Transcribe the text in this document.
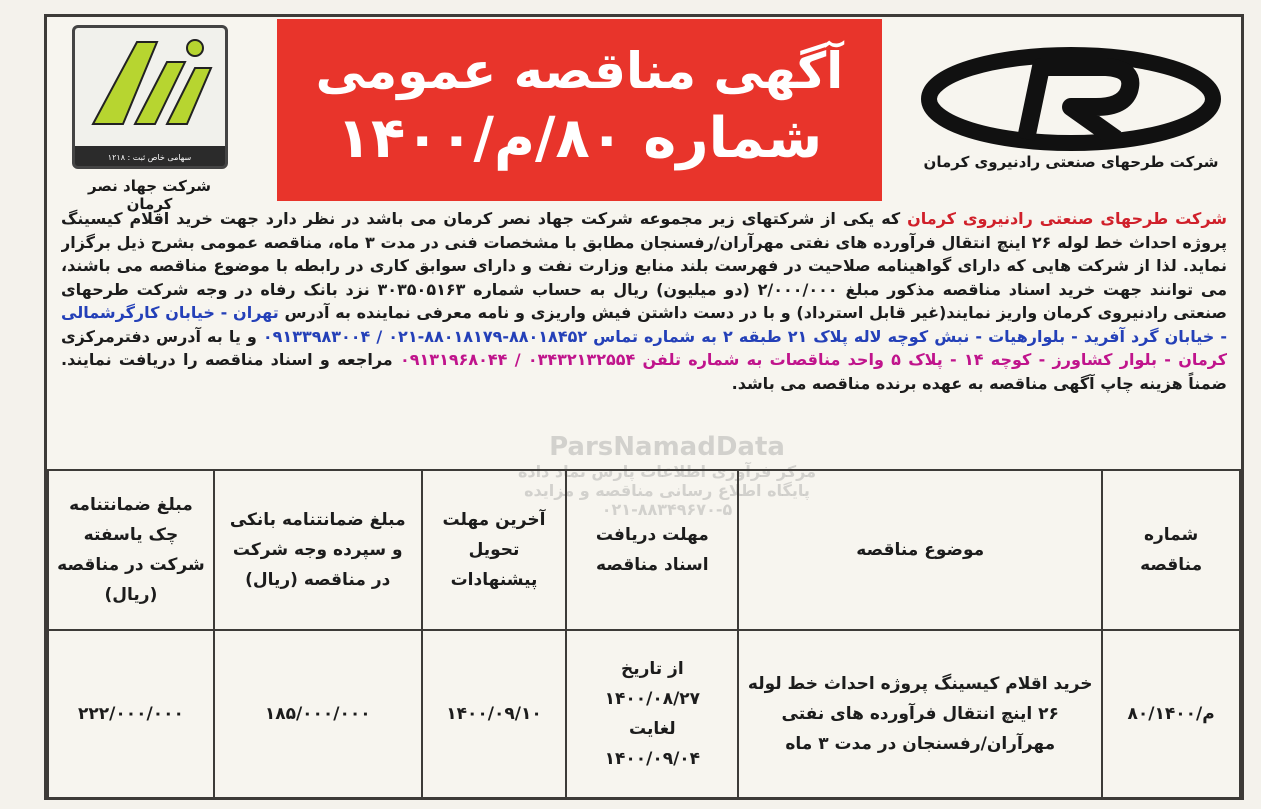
شرکت طرحهای صنعتی رادنیروی کرمان
آگهی مناقصه عمومی
شماره ۸۰/م/۱۴۰۰
سهامی خاص ثبت : ۱۲۱۸
شرکت جهاد نصر کرمان
شرکت طرحهای صنعتی رادنیروی کرمان که یکی از شرکتهای زیر مجموعه شرکت جهاد نصر کرمان می باشد در نظر دارد جهت خرید اقلام کیسینگ پروژه احداث خط لوله ۲۶ اینچ انتقال فرآورده های نفتی مهرآران/رفسنجان مطابق با مشخصات فنی در مدت ۳ ماه، مناقصه عمومی بشرح ذیل برگزار نماید. لذا از شرکت هایی که دارای گواهینامه صلاحیت در فهرست بلند منابع وزارت نفت و دارای سوابق کاری در رابطه با موضوع مناقصه می باشند، می توانند جهت خرید اسناد مناقصه مذکور مبلغ ۲/۰۰۰/۰۰۰ (دو میلیون) ریال به حساب شماره ۳۰۳۵۰۵۱۶۳ نزد بانک رفاه در وجه شرکت طرحهای صنعتی رادنیروی کرمان واریز نمایند(غیر قابل استرداد) و با در دست داشتن فیش واریزی و نامه معرفی نماینده به آدرس تهران - خیابان کارگرشمالی - خیابان گرد آفرید - بلوارهیات - نبش کوچه لاله پلاک ۲۱ طبقه ۲ به شماره تماس ۸۸۰۱۸۴۵۲-۸۸۰۱۸۱۷۹-۰۲۱ / ۰۹۱۳۳۹۸۳۰۰۴ و یا به آدرس دفترمرکزی کرمان - بلوار کشاورز - کوچه ۱۴ - پلاک ۵ واحد مناقصات به شماره تلفن ۰۳۴۳۲۱۳۲۵۵۴ / ۰۹۱۳۱۹۶۸۰۴۴ مراجعه و اسناد مناقصه را دریافت نمایند. ضمناً هزینه چاپ آگهی مناقصه به عهده برنده مناقصه می باشد.
ParsNamadData
مرکز فرآوری اطلاعات پارس نماد داده
پایگاه اطلاع رسانی مناقصه و مزایده
۰۲۱-۸۸۳۴۹۶۷۰-۵
شماره مناقصه	موضوع مناقصه	مهلت دریافت اسناد مناقصه	آخرین مهلت تحویل پیشنهادات	مبلغ ضمانتنامه بانکی و سپرده وجه شرکت در مناقصه (ریال)	مبلغ ضمانتنامه چک یاسفته شرکت در مناقصه (ریال)
۸۰/م/۱۴۰۰	خرید اقلام کیسینگ پروژه احداث خط لوله ۲۶ اینچ انتقال فرآورده های نفتی مهرآران/رفسنجان در مدت ۳ ماه	از تاریخ
۱۴۰۰/۰۸/۲۷
لغایت
۱۴۰۰/۰۹/۰۴	۱۴۰۰/۰۹/۱۰	۱۸۵/۰۰۰/۰۰۰	۲۲۲/۰۰۰/۰۰۰
